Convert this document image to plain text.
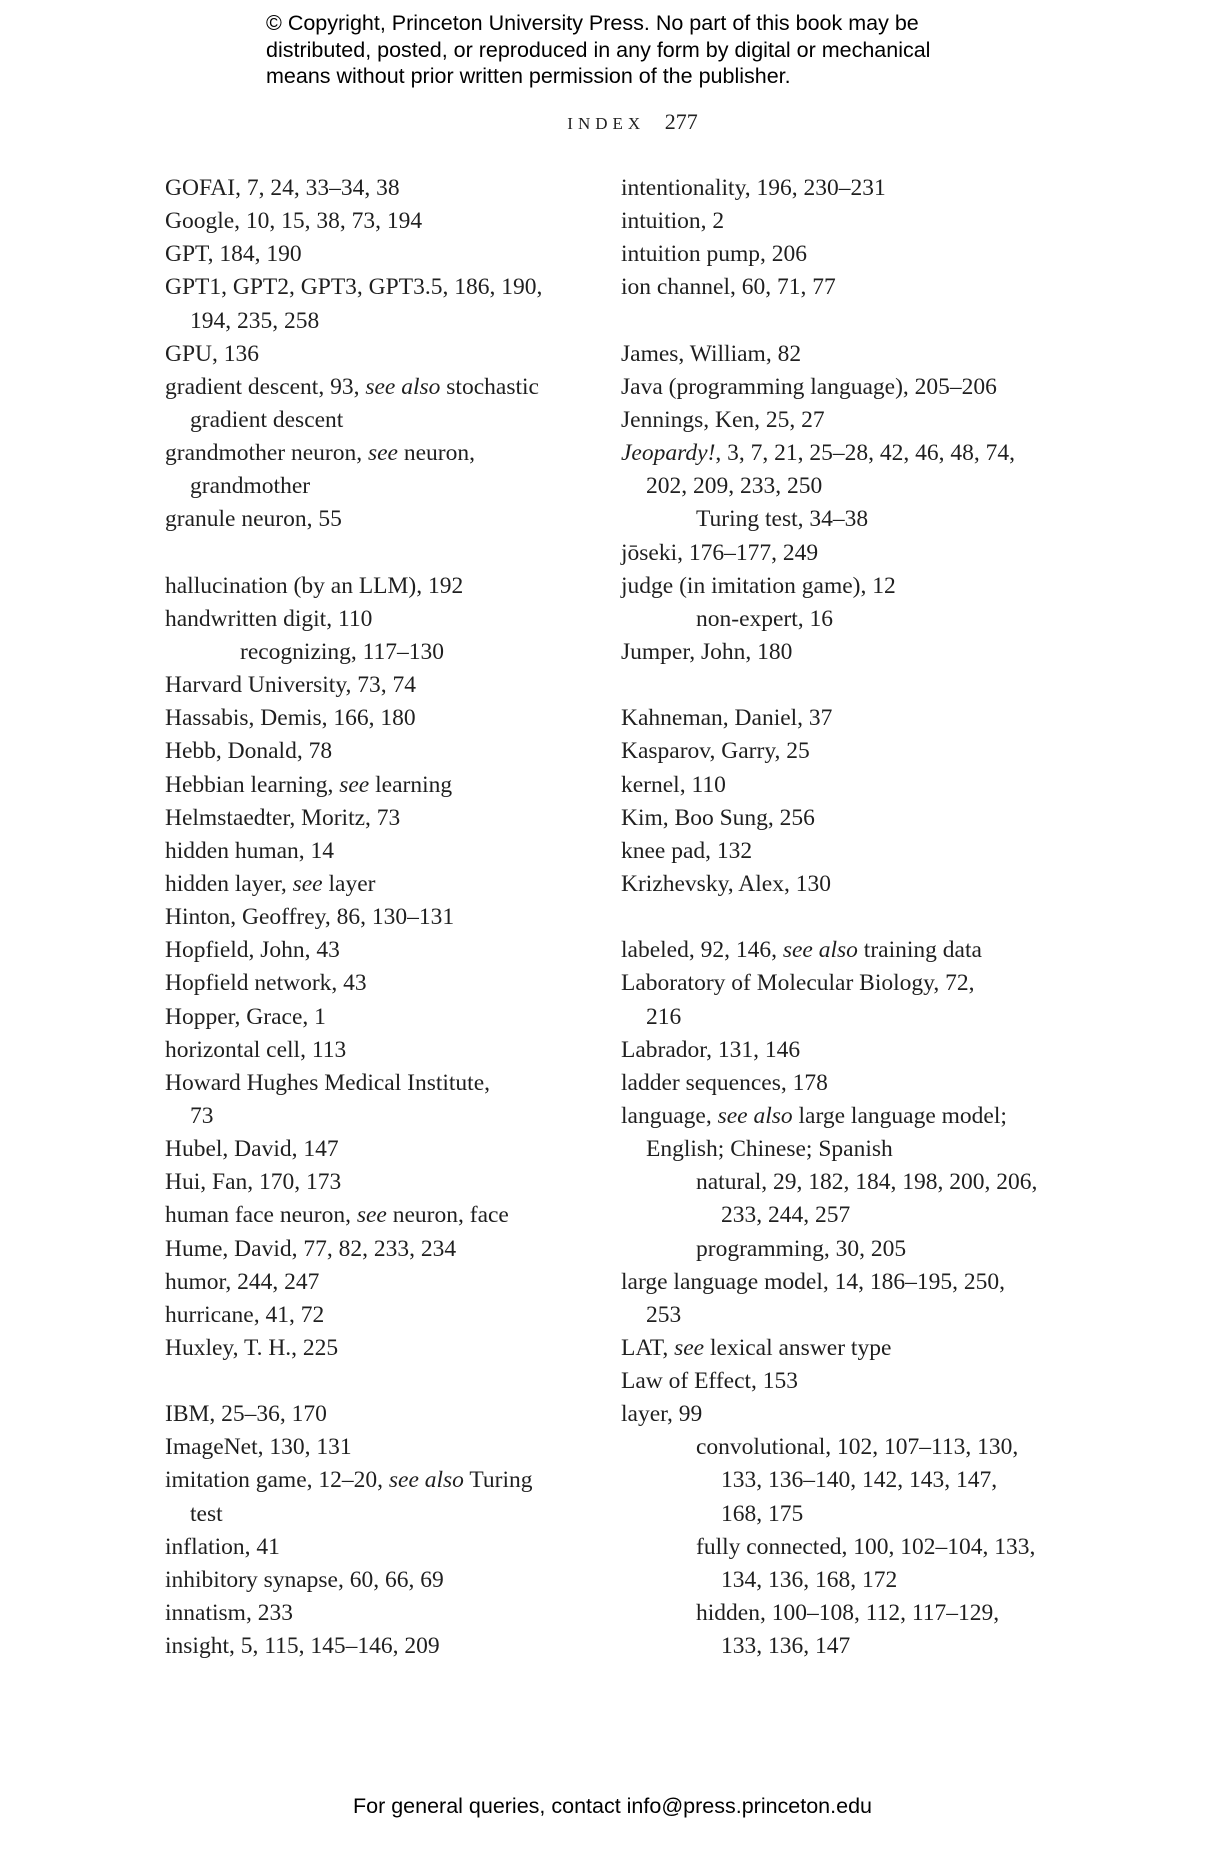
© Copyright, Princeton University Press. No part of this book may be
distributed, posted, or reproduced in any form by digital or mechanical
means without prior written permission of the publisher.
INDEX 277
GOFAI, 7, 24, 33–34, 38
Google, 10, 15, 38, 73, 194
GPT, 184, 190
GPT1, GPT2, GPT3, GPT3.5, 186, 190,
194, 235, 258
GPU, 136
gradient descent, 93, see also stochastic
gradient descent
grandmother neuron, see neuron,
grandmother
granule neuron, 55
hallucination (by an LLM), 192
handwritten digit, 110
recognizing, 117–130
Harvard University, 73, 74
Hassabis, Demis, 166, 180
Hebb, Donald, 78
Hebbian learning, see learning
Helmstaedter, Moritz, 73
hidden human, 14
hidden layer, see layer
Hinton, Geoffrey, 86, 130–131
Hopfield, John, 43
Hopfield network, 43
Hopper, Grace, 1
horizontal cell, 113
Howard Hughes Medical Institute,
73
Hubel, David, 147
Hui, Fan, 170, 173
human face neuron, see neuron, face
Hume, David, 77, 82, 233, 234
humor, 244, 247
hurricane, 41, 72
Huxley, T. H., 225
IBM, 25–36, 170
ImageNet, 130, 131
imitation game, 12–20, see also Turing
test
inflation, 41
inhibitory synapse, 60, 66, 69
innatism, 233
insight, 5, 115, 145–146, 209
intentionality, 196, 230–231
intuition, 2
intuition pump, 206
ion channel, 60, 71, 77
James, William, 82
Java (programming language), 205–206
Jennings, Ken, 25, 27
Jeopardy!, 3, 7, 21, 25–28, 42, 46, 48, 74,
202, 209, 233, 250
Turing test, 34–38
jōseki, 176–177, 249
judge (in imitation game), 12
non-expert, 16
Jumper, John, 180
Kahneman, Daniel, 37
Kasparov, Garry, 25
kernel, 110
Kim, Boo Sung, 256
knee pad, 132
Krizhevsky, Alex, 130
labeled, 92, 146, see also training data
Laboratory of Molecular Biology, 72,
216
Labrador, 131, 146
ladder sequences, 178
language, see also large language model;
English; Chinese; Spanish
natural, 29, 182, 184, 198, 200, 206,
233, 244, 257
programming, 30, 205
large language model, 14, 186–195, 250,
253
LAT, see lexical answer type
Law of Effect, 153
layer, 99
convolutional, 102, 107–113, 130,
133, 136–140, 142, 143, 147,
168, 175
fully connected, 100, 102–104, 133,
134, 136, 168, 172
hidden, 100–108, 112, 117–129,
133, 136, 147
For general queries, contact info@press.princeton.edu
